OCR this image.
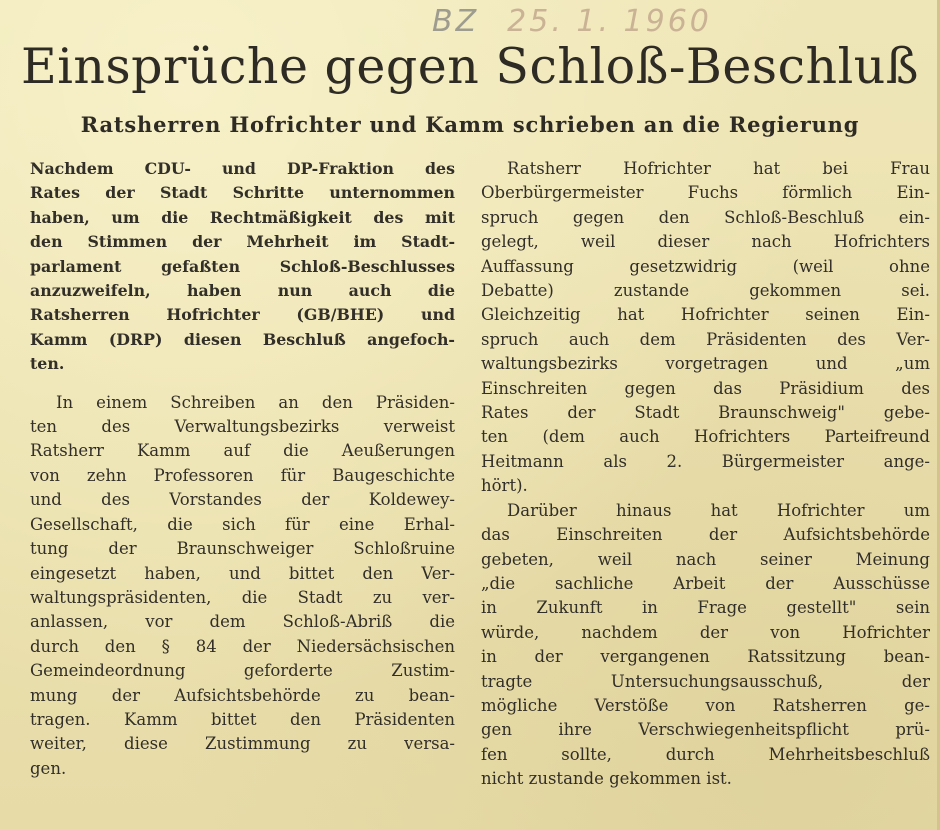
BZ 25. 1. 1960
Einsprüche gegen Schloß-Beschluß
Ratsherren Hofrichter und Kamm schrieben an die Regierung
Nachdem CDU- und DP-Fraktion des
Rates der Stadt Schritte unternommen
haben, um die Rechtmäßigkeit des mit
den Stimmen der Mehrheit im Stadt-
parlament gefaßten Schloß-Beschlusses
anzuzweifeln, haben nun auch die
Ratsherren Hofrichter (GB/BHE) und
Kamm (DRP) diesen Beschluß angefoch-
ten.
In einem Schreiben an den Präsiden-
ten des Verwaltungsbezirks verweist
Ratsherr Kamm auf die Aeußerungen
von zehn Professoren für Baugeschichte
und des Vorstandes der Koldewey-
Gesellschaft, die sich für eine Erhal-
tung der Braunschweiger Schloßruine
eingesetzt haben, und bittet den Ver-
waltungspräsidenten, die Stadt zu ver-
anlassen, vor dem Schloß-Abriß die
durch den § 84 der Niedersächsischen
Gemeindeordnung geforderte Zustim-
mung der Aufsichtsbehörde zu bean-
tragen. Kamm bittet den Präsidenten
weiter, diese Zustimmung zu versa-
gen.
Ratsherr Hofrichter hat bei Frau
Oberbürgermeister Fuchs förmlich Ein-
spruch gegen den Schloß-Beschluß ein-
gelegt, weil dieser nach Hofrichters
Auffassung gesetzwidrig (weil ohne
Debatte) zustande gekommen sei.
Gleichzeitig hat Hofrichter seinen Ein-
spruch auch dem Präsidenten des Ver-
waltungsbezirks vorgetragen und „um
Einschreiten gegen das Präsidium des
Rates der Stadt Braunschweig" gebe-
ten (dem auch Hofrichters Parteifreund
Heitmann als 2. Bürgermeister ange-
hört).
Darüber hinaus hat Hofrichter um
das Einschreiten der Aufsichtsbehörde
gebeten, weil nach seiner Meinung
„die sachliche Arbeit der Ausschüsse
in Zukunft in Frage gestellt" sein
würde, nachdem der von Hofrichter
in der vergangenen Ratssitzung bean-
tragte Untersuchungsausschuß, der
mögliche Verstöße von Ratsherren ge-
gen ihre Verschwiegenheitspflicht prü-
fen sollte, durch Mehrheitsbeschluß
nicht zustande gekommen ist.
